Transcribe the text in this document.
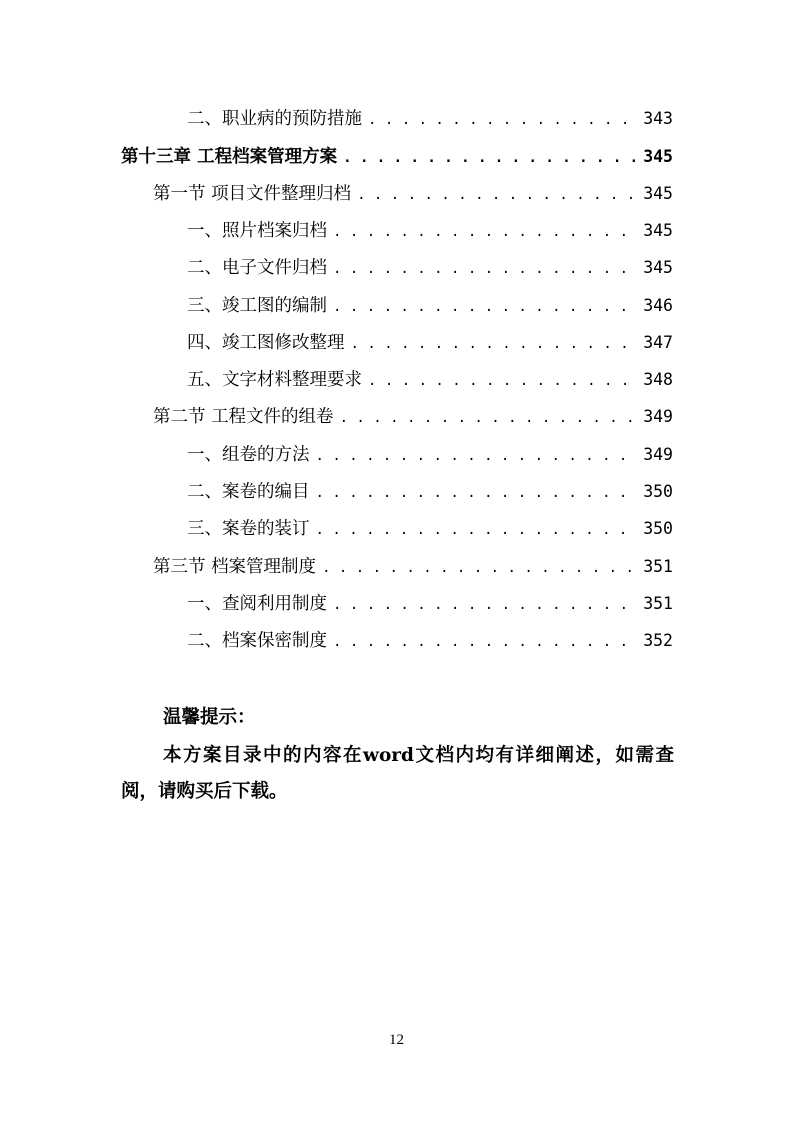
二、职业病的预防措施 . . .	343
第十三章 工程档案管理方案 . . .	345
第一节 项目文件整理归档 . . .	345
一、照片档案归档 . . .	345
二、电子文件归档 . . .	345
三、竣工图的编制 . . .	346
四、竣工图修改整理 . . .	347
五、文字材料整理要求 . . .	348
第二节 工程文件的组卷 . . .	349
一、组卷的方法 . . .	349
二、案卷的编目 . . .	350
三、案卷的装订 . . .	350
第三节 档案管理制度 . . .	351
一、查阅利用制度 . . .	351
二、档案保密制度 . . .	352

温馨提示：

本方案目录中的内容在word文档内均有详细阐述，如需查阅，请购买后下载。

12
